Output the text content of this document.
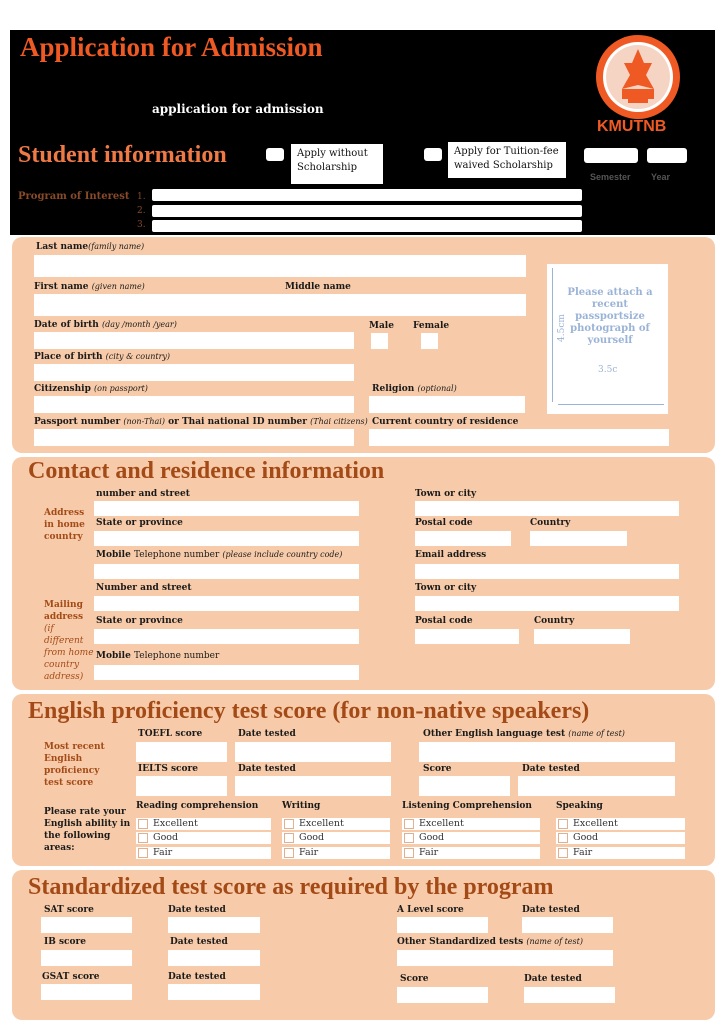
Application for Admission
application for admission
KMUTNB
Student information	Apply without Scholarship
Apply for Tuition-fee waived Scholarship
Semester Year
Program of Interest 1.
2.
3.
Last name(family name)
First name (given name)	Middle name
Date of birth (day /month /year)	Male Female
Place of birth (city & country)
Citizenship (on passport)	Religion (optional)
Passport number (non-Thai) or Thai national ID number (Thai citizens) Current country of residence
Please attach a recent passportsize photograph of yourself
4.5cm
3.5c
Contact and residence information
Address in home country
number and street	Town or city
State or province	Postal code	Country
Mobile Telephone number (please include country code)	Email address
Mailing address
(if different from home country address)
Number and street	Town or city
State or province	Postal code	Country
Mobile Telephone number
English proficiency test score (for non-native speakers)
Most recent English proficiency test score
TOEFL score	Date tested	Other English language test (name of test)
IELTS score	Date tested	Score	Date tested
Please rate your English ability in the following areas:
Reading comprehension	Writing	Listening Comprehension	Speaking
Excellent	Excellent	Excellent	Excellent
Good	Good	Good	Good
Fair	Fair	Fair	Fair
Standardized test score as required by the program
SAT score	Date tested	A Level score	Date tested
IB score	Date tested	Other Standardized tests (name of test)
GSAT score	Date tested	Score	Date tested
